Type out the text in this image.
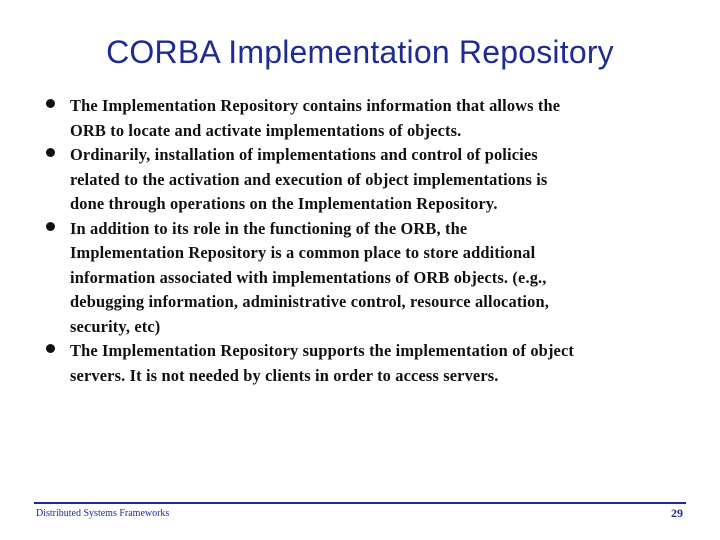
CORBA Implementation Repository
The Implementation Repository contains information that allows the
ORB to locate and activate implementations of objects.
Ordinarily, installation of implementations and control of policies
related to the activation and execution of object implementations is
done through operations on the Implementation Repository.
In addition to its role in the functioning of the ORB, the
Implementation Repository is a common place to store additional
information associated with implementations of ORB objects. (e.g.,
debugging information, administrative control, resource allocation,
security, etc)
The Implementation Repository supports the implementation of object
servers. It is not needed by clients in order to access servers.
Distributed Systems Frameworks	29
